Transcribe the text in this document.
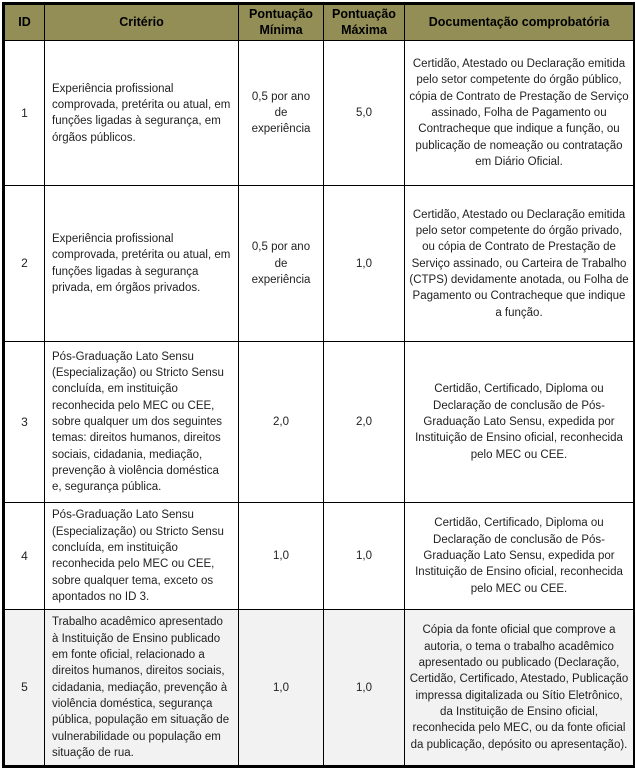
ID	Critério	Pontuação Mínima	Pontuação Máxima	Documentação comprobatória
1	Experiência profissional comprovada, pretérita ou atual, em funções ligadas à segurança, em órgãos públicos.	0,5 por ano de experiência	5,0	Certidão, Atestado ou Declaração emitida pelo setor competente do órgão público, cópia de Contrato de Prestação de Serviço assinado, Folha de Pagamento ou Contracheque que indique a função, ou publicação de nomeação ou contratação em Diário Oficial.
2	Experiência profissional comprovada, pretérita ou atual, em funções ligadas à segurança privada, em órgãos privados.	0,5 por ano de experiência	1,0	Certidão, Atestado ou Declaração emitida pelo setor competente do órgão privado, ou cópia de Contrato de Prestação de Serviço assinado, ou Carteira de Trabalho (CTPS) devidamente anotada, ou Folha de Pagamento ou Contracheque que indique a função.
3	Pós-Graduação Lato Sensu (Especialização) ou Stricto Sensu concluída, em instituição reconhecida pelo MEC ou CEE, sobre qualquer um dos seguintes temas: direitos humanos, direitos sociais, cidadania, mediação, prevenção à violência doméstica e, segurança pública.	2,0	2,0	Certidão, Certificado, Diploma ou Declaração de conclusão de Pós-Graduação Lato Sensu, expedida por Instituição de Ensino oficial, reconhecida pelo MEC ou CEE.
4	Pós-Graduação Lato Sensu (Especialização) ou Stricto Sensu concluída, em instituição reconhecida pelo MEC ou CEE, sobre qualquer tema, exceto os apontados no ID 3.	1,0	1,0	Certidão, Certificado, Diploma ou Declaração de conclusão de Pós-Graduação Lato Sensu, expedida por Instituição de Ensino oficial, reconhecida pelo MEC ou CEE.
5	Trabalho acadêmico apresentado à Instituição de Ensino publicado em fonte oficial, relacionado a direitos humanos, direitos sociais, cidadania, mediação, prevenção à violência doméstica, segurança pública, população em situação de vulnerabilidade ou população em situação de rua.	1,0	1,0	Cópia da fonte oficial que comprove a autoria, o tema o trabalho acadêmico apresentado ou publicado (Declaração, Certidão, Certificado, Atestado, Publicação impressa digitalizada ou Sítio Eletrônico, da Instituição de Ensino oficial, reconhecida pelo MEC, ou da fonte oficial da publicação, depósito ou apresentação).
